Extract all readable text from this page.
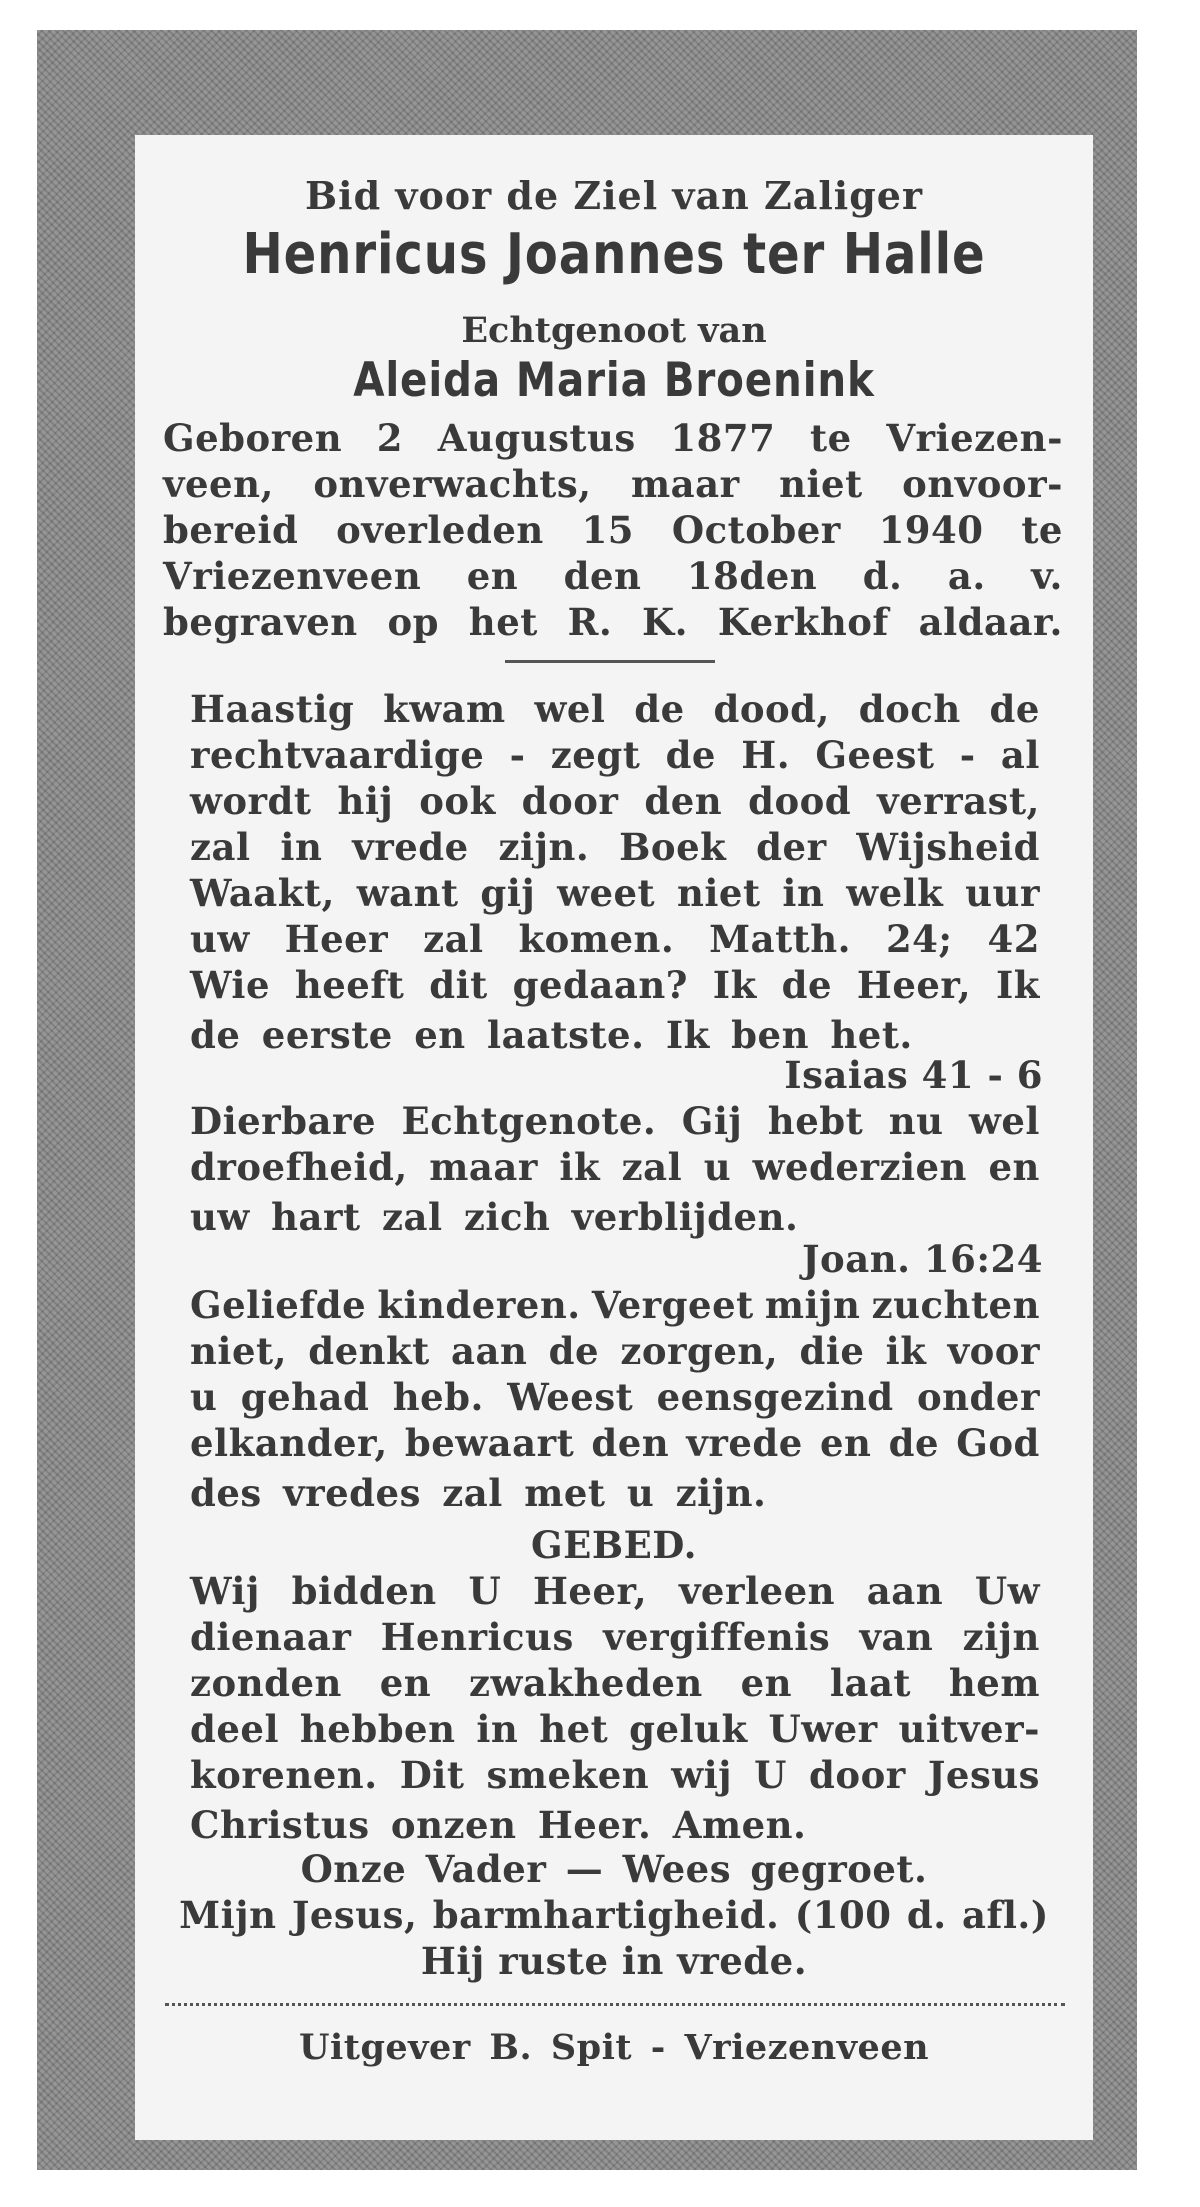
Bid voor de Ziel van Zaliger
Henricus Joannes ter Halle
Echtgenoot van
Aleida Maria Broenink
Geboren 2 Augustus 1877 te Vriezen-
veen, onverwachts, maar niet onvoor-
bereid overleden 15 October 1940 te
Vriezenveen en den 18den d. a. v.
begraven op het R. K. Kerkhof aldaar.
Haastig kwam wel de dood, doch de
rechtvaardige - zegt de H. Geest - al
wordt hij ook door den dood verrast,
zal in vrede zijn. Boek der Wijsheid
Waakt, want gij weet niet in welk uur
uw Heer zal komen. Matth. 24; 42
Wie heeft dit gedaan? Ik de Heer, Ik
de eerste en laatste. Ik ben het.
Isaias 41 - 6
Dierbare Echtgenote. Gij hebt nu wel
droefheid, maar ik zal u wederzien en
uw hart zal zich verblijden.
Joan. 16:24
Geliefde kinderen. Vergeet mijn zuchten
niet, denkt aan de zorgen, die ik voor
u gehad heb. Weest eensgezind onder
elkander, bewaart den vrede en de God
des vredes zal met u zijn.
GEBED.
Wij bidden U Heer, verleen aan Uw
dienaar Henricus vergiffenis van zijn
zonden en zwakheden en laat hem
deel hebben in het geluk Uwer uitver-
korenen. Dit smeken wij U door Jesus
Christus onzen Heer. Amen.
Onze Vader — Wees gegroet.
Mijn Jesus, barmhartigheid. (100 d. afl.)
Hij ruste in vrede.
Uitgever B. Spit - Vriezenveen
